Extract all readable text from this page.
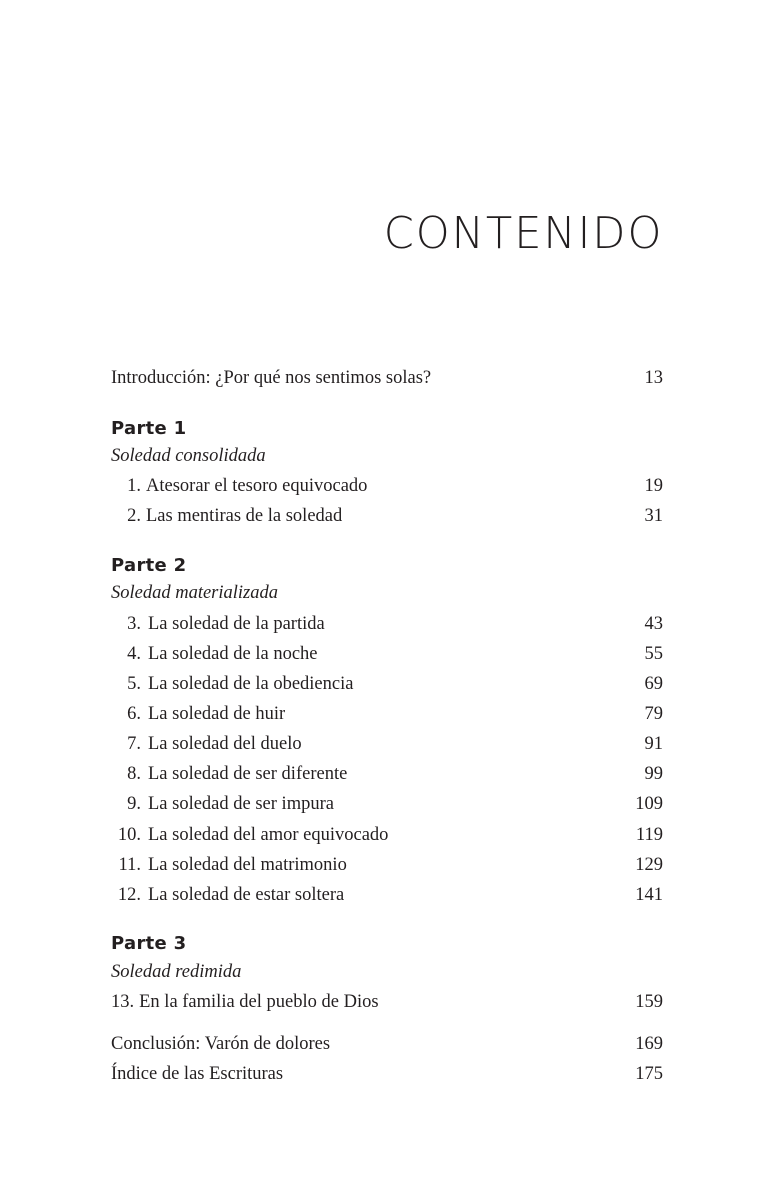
CONTENIDO
Introducción: ¿Por qué nos sentimos solas?	13
Parte 1
Soledad consolidada
1. Atesorar el tesoro equivocado	19
2. Las mentiras de la soledad	31
Parte 2
Soledad materializada
3. La soledad de la partida	43
4. La soledad de la noche	55
5. La soledad de la obediencia	69
6. La soledad de huir	79
7. La soledad del duelo	91
8. La soledad de ser diferente	99
9. La soledad de ser impura	109
10. La soledad del amor equivocado	119
11. La soledad del matrimonio	129
12. La soledad de estar soltera	141
Parte 3
Soledad redimida
13. En la familia del pueblo de Dios	159
Conclusión: Varón de dolores	169
Índice de las Escrituras	175
